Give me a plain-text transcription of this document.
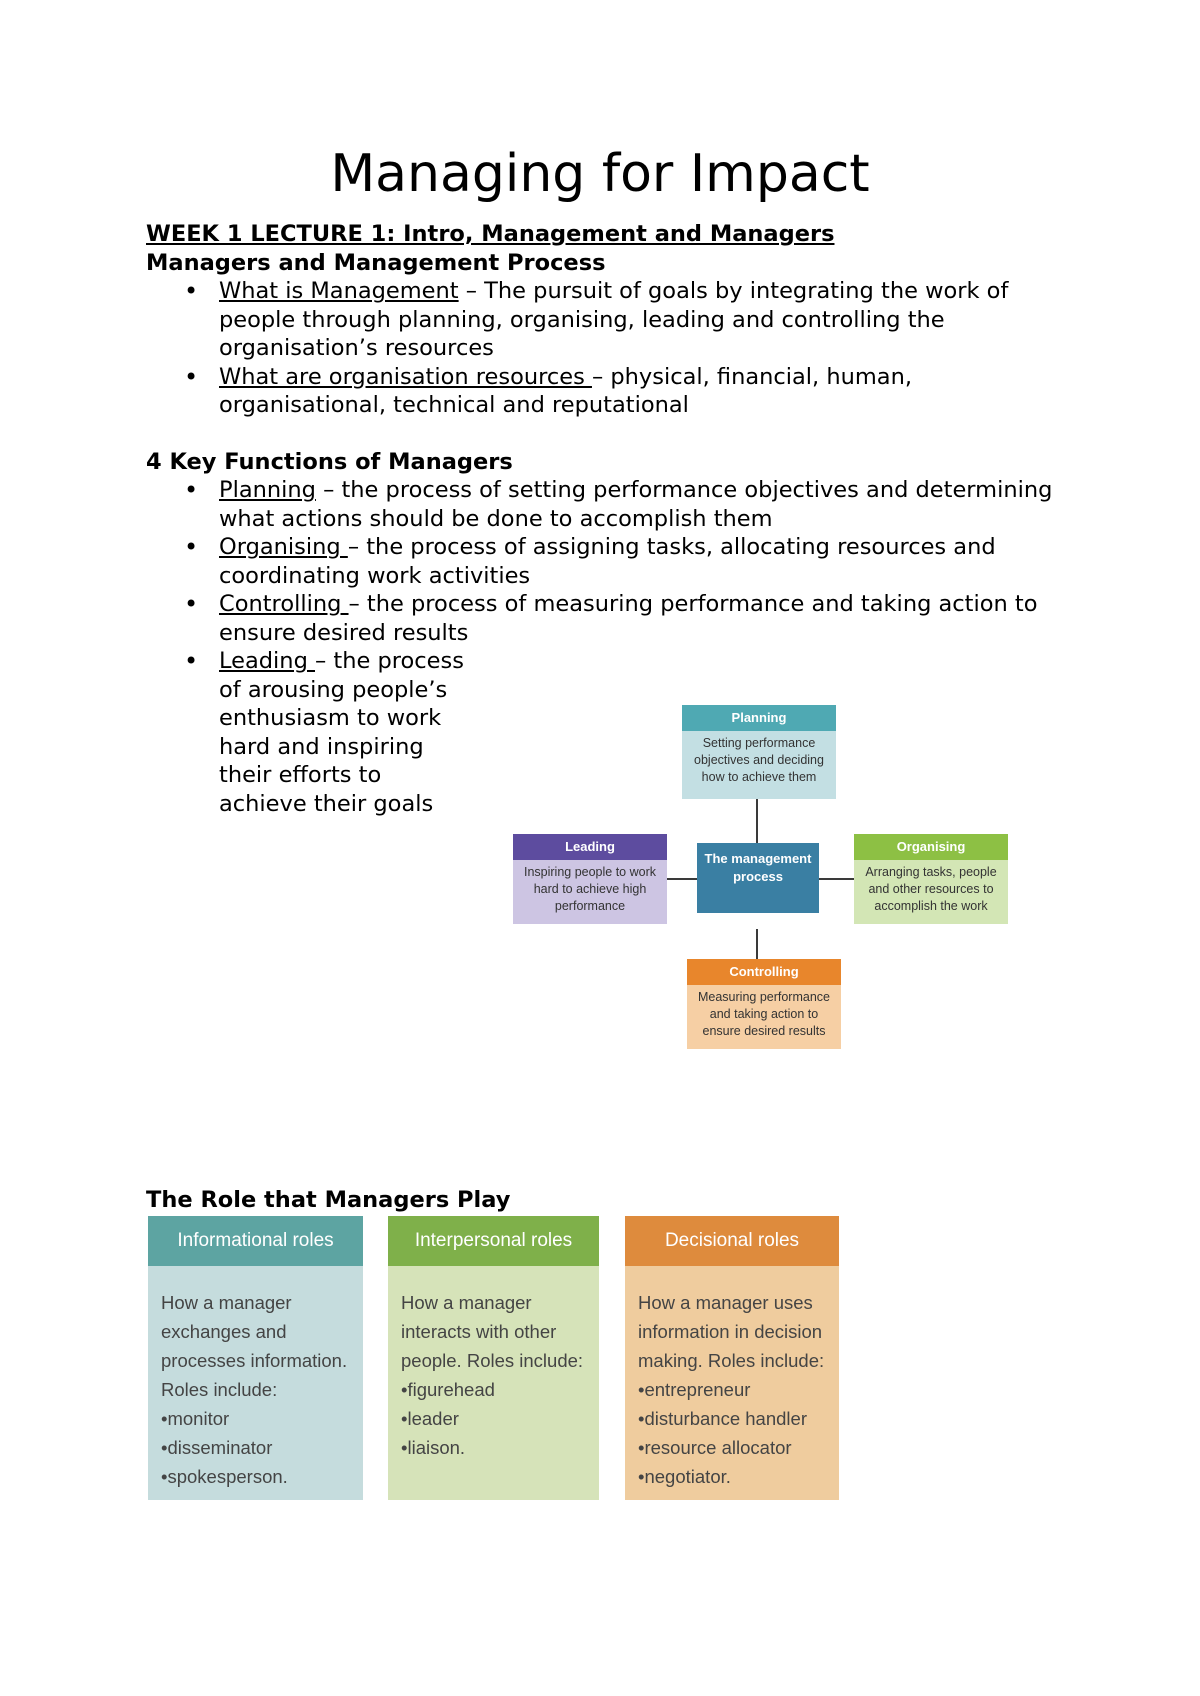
Managing for Impact
WEEK 1 LECTURE 1: Intro, Management and Managers
Managers and Management Process
• What is Management – The pursuit of goals by integrating the work of people through planning, organising, leading and controlling the organisation’s resources
• What are organisation resources – physical, financial, human, organisational, technical and reputational
4 Key Functions of Managers
• Planning – the process of setting performance objectives and determining what actions should be done to accomplish them
• Organising – the process of assigning tasks, allocating resources and coordinating work activities
• Controlling – the process of measuring performance and taking action to ensure desired results
• Leading – the process of arousing people’s enthusiasm to work hard and inspiring their efforts to achieve their goals
Planning
Setting performance objectives and deciding how to achieve them
Leading
Inspiring people to work hard to achieve high performance
The management process
Organising
Arranging tasks, people and other resources to accomplish the work
Controlling
Measuring performance and taking action to ensure desired results
The Role that Managers Play
Informational roles
How a manager exchanges and processes information. Roles include:
• monitor
• disseminator
• spokesperson.
Interpersonal roles
How a manager interacts with other people. Roles include:
• figurehead
• leader
• liaison.
Decisional roles
How a manager uses information in decision making. Roles include:
• entrepreneur
• disturbance handler
• resource allocator
• negotiator.
